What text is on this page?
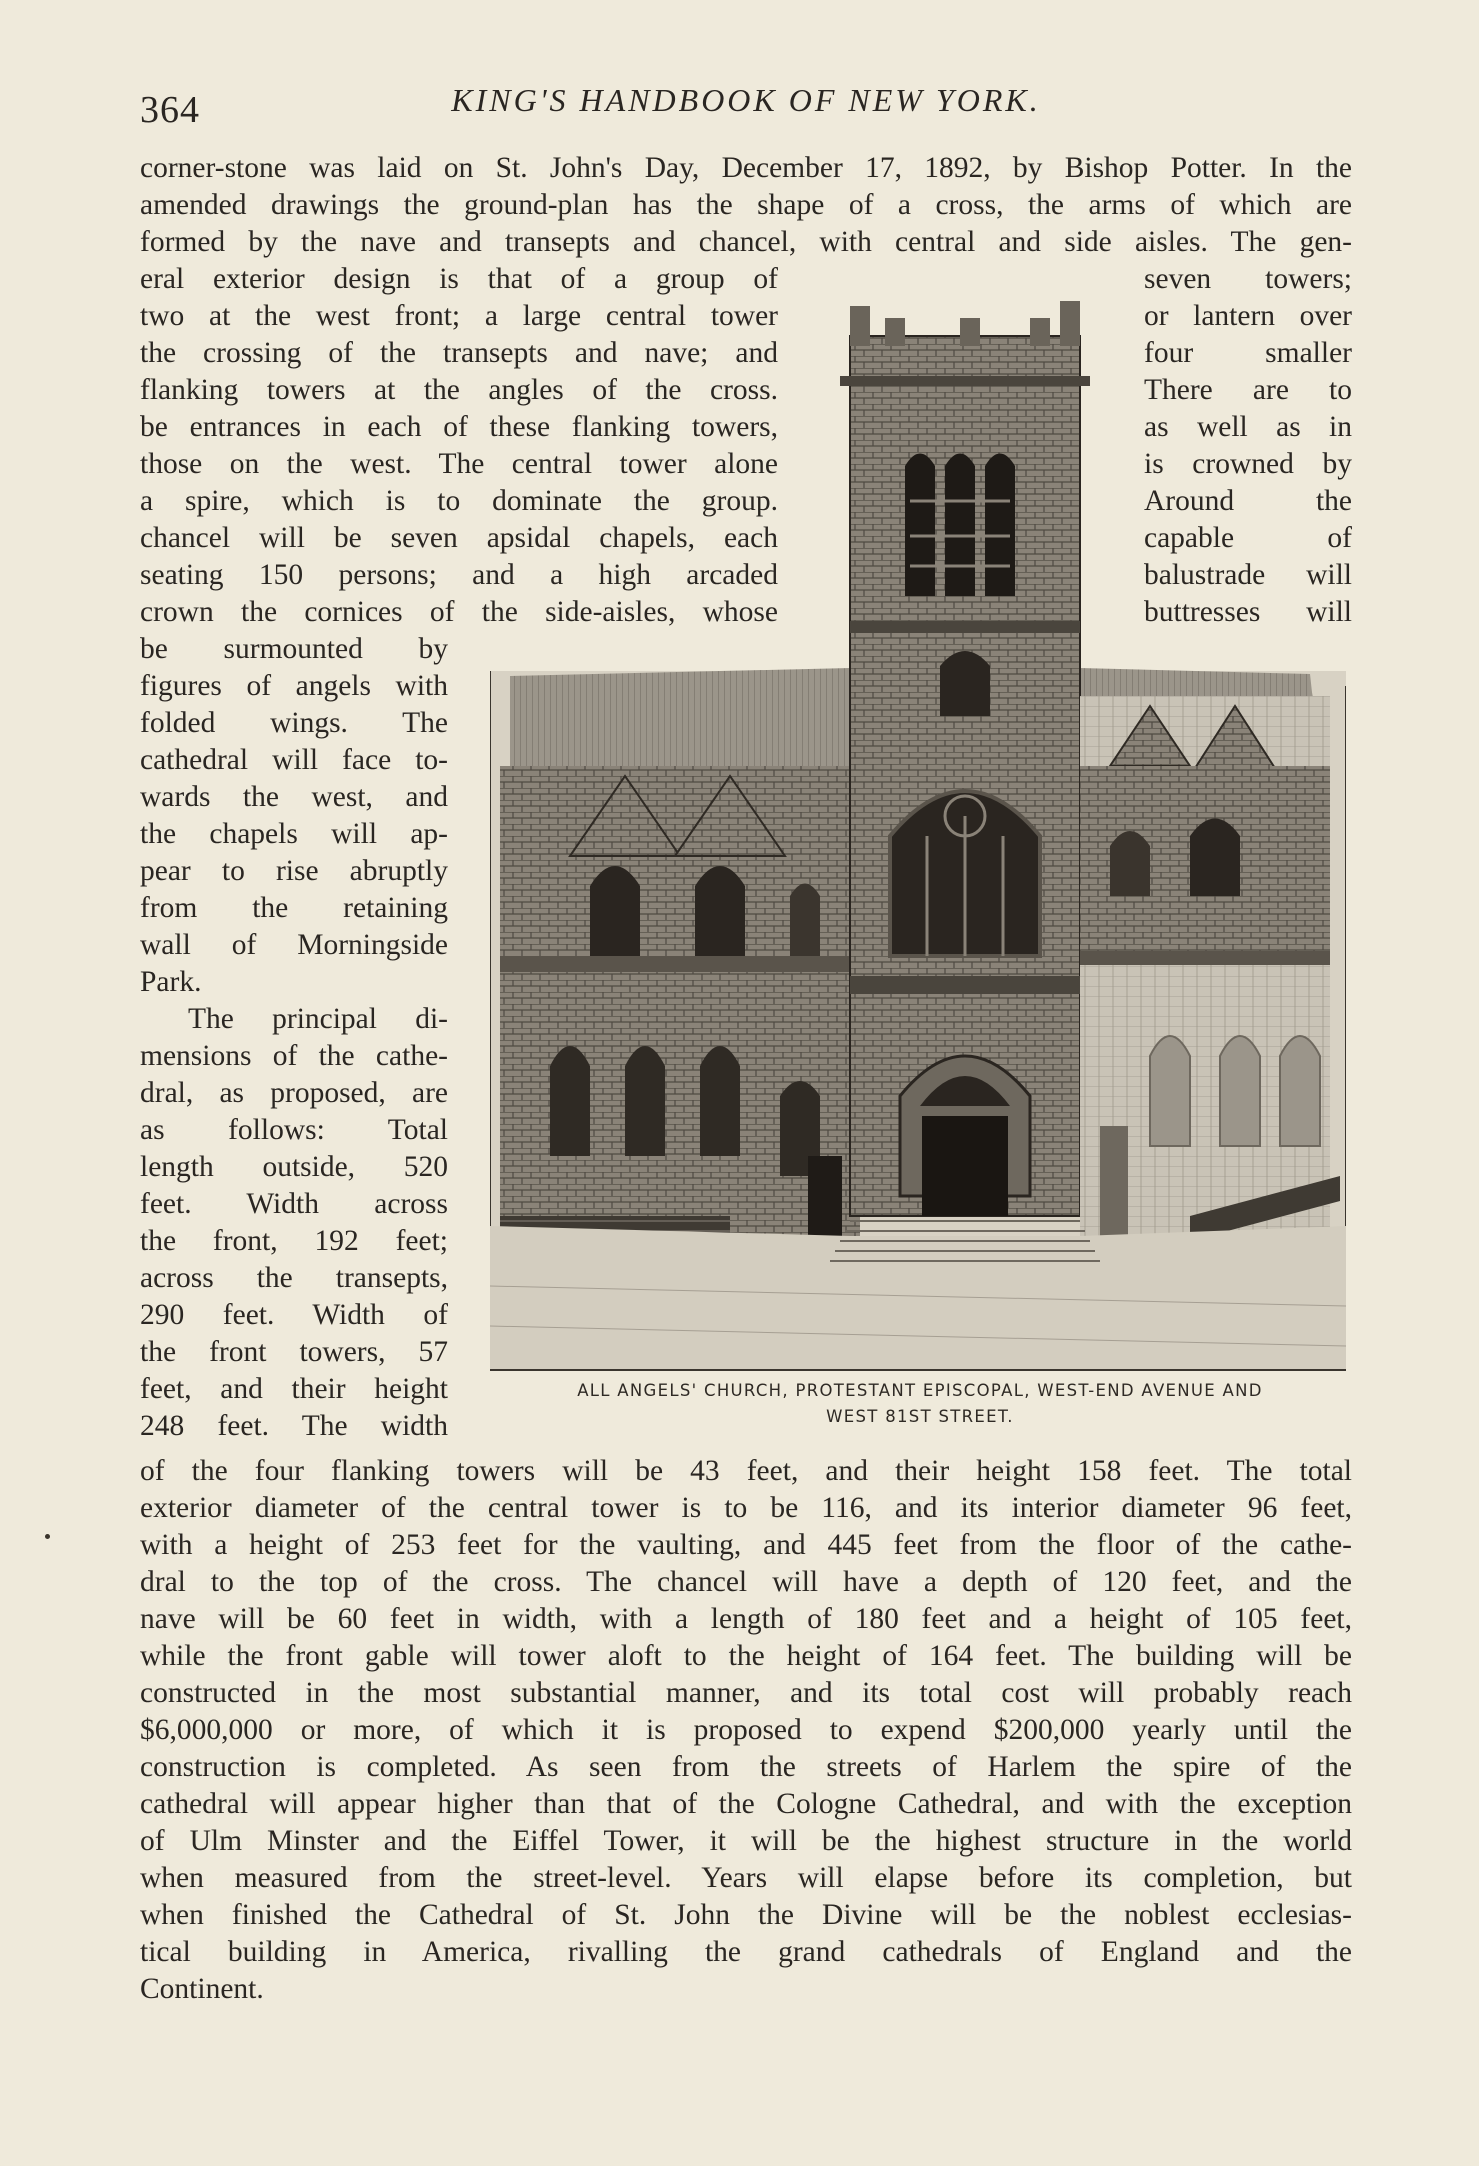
364	KING'S HANDBOOK OF NEW YORK.
corner-stone was laid on St. John's Day, December 17, 1892, by Bishop Potter. In the
amended drawings the ground-plan has the shape of a cross, the arms of which are
formed by the nave and transepts and chancel, with central and side aisles. The gen-
eral exterior design is that of a group of
two at the west front; a large central tower
the crossing of the transepts and nave; and
flanking towers at the angles of the cross.
be entrances in each of these flanking towers,
those on the west. The central tower alone
a spire, which is to dominate the group.
chancel will be seven apsidal chapels, each
seating 150 persons; and a high arcaded
crown the cornices of the side-aisles, whose
seven towers;
or lantern over
four smaller
There are to
as well as in
is crowned by
Around the
capable of
balustrade will
buttresses will
be surmounted by
figures of angels with
folded wings. The
cathedral will face to-
wards the west, and
the chapels will ap-
pear to rise abruptly
from the retaining
wall of Morningside
Park.
The principal di-
mensions of the cathe-
dral, as proposed, are
as follows: Total
length outside, 520
feet. Width across
the front, 192 feet;
across the transepts,
290 feet. Width of
the front towers, 57
feet, and their height
248 feet. The width
of the four flanking towers will be 43 feet, and their height 158 feet. The total
exterior diameter of the central tower is to be 116, and its interior diameter 96 feet,
with a height of 253 feet for the vaulting, and 445 feet from the floor of the cathe-
dral to the top of the cross. The chancel will have a depth of 120 feet, and the
nave will be 60 feet in width, with a length of 180 feet and a height of 105 feet,
while the front gable will tower aloft to the height of 164 feet. The building will be
constructed in the most substantial manner, and its total cost will probably reach
$6,000,000 or more, of which it is proposed to expend $200,000 yearly until the
construction is completed. As seen from the streets of Harlem the spire of the
cathedral will appear higher than that of the Cologne Cathedral, and with the exception
of Ulm Minster and the Eiffel Tower, it will be the highest structure in the world
when measured from the street-level. Years will elapse before its completion, but
when finished the Cathedral of St. John the Divine will be the noblest ecclesias-
tical building in America, rivalling the grand cathedrals of England and the
Continent.
ALL ANGELS' CHURCH, PROTESTANT EPISCOPAL, WEST-END AVENUE AND
WEST 81ST STREET.
